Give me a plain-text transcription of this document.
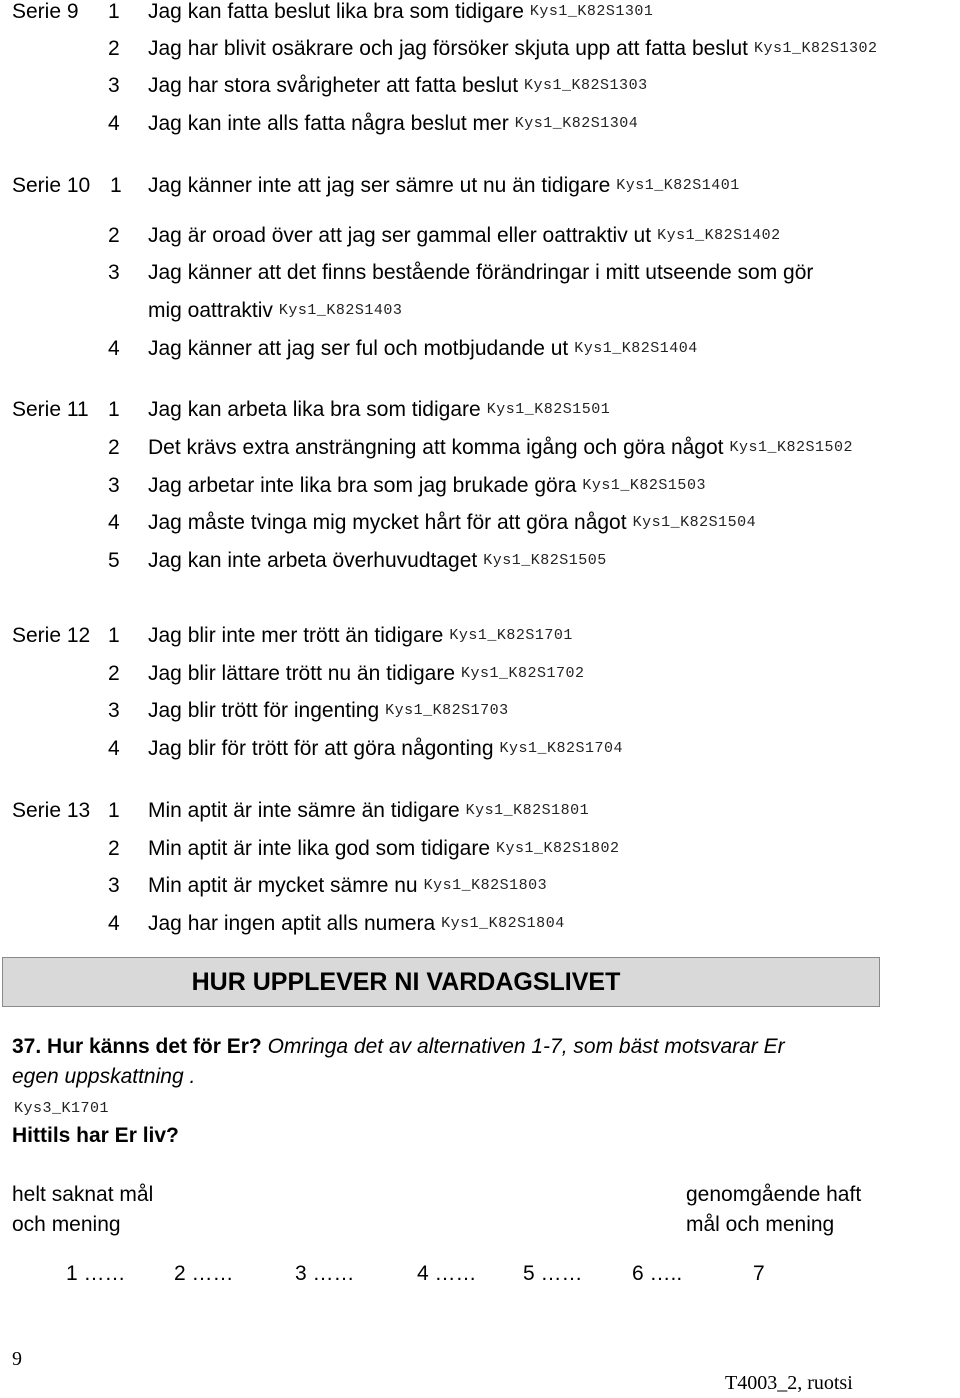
Serie 9 1 Jag kan fatta beslut lika bra som tidigare Kys1_K82S1301
2 Jag har blivit osäkrare och jag försöker skjuta upp att fatta beslut Kys1_K82S1302
3 Jag har stora svårigheter att fatta beslut Kys1_K82S1303
4 Jag kan inte alls fatta några beslut mer Kys1_K82S1304
Serie 10 1 Jag känner inte att jag ser sämre ut nu än tidigare Kys1_K82S1401
2 Jag är oroad över att jag ser gammal eller oattraktiv ut Kys1_K82S1402
3 Jag känner att det finns bestående förändringar i mitt utseende som gör
mig oattraktiv Kys1_K82S1403
4 Jag känner att jag ser ful och motbjudande ut Kys1_K82S1404
Serie 11 1 Jag kan arbeta lika bra som tidigare Kys1_K82S1501
2 Det krävs extra ansträngning att komma igång och göra något Kys1_K82S1502
3 Jag arbetar inte lika bra som jag brukade göra Kys1_K82S1503
4 Jag måste tvinga mig mycket hårt för att göra något Kys1_K82S1504
5 Jag kan inte arbeta överhuvudtaget Kys1_K82S1505
Serie 12 1 Jag blir inte mer trött än tidigare Kys1_K82S1701
2 Jag blir lättare trött nu än tidigare Kys1_K82S1702
3 Jag blir trött för ingenting Kys1_K82S1703
4 Jag blir för trött för att göra någonting Kys1_K82S1704
Serie 13 1 Min aptit är inte sämre än tidigare Kys1_K82S1801
2 Min aptit är inte lika god som tidigare Kys1_K82S1802
3 Min aptit är mycket sämre nu Kys1_K82S1803
4 Jag har ingen aptit alls numera Kys1_K82S1804
HUR UPPLEVER NI VARDAGSLIVET
37. Hur känns det för Er? Omringa det av alternativen 1-7, som bäst motsvarar Er
egen uppskattning .
Kys3_K1701
Hittils har Er liv?
helt saknat mål
och mening
genomgående haft
mål och mening
1 …… 2 ……	3 ……	4 …… 5 …… 6 …..	7
9
T4003_2, ruotsi
